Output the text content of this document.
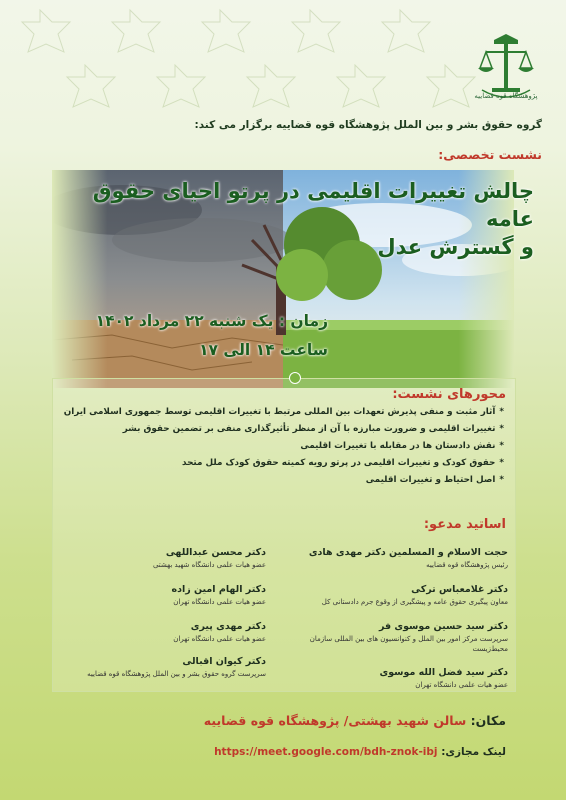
پژوهشگاه قوه قضاییه
گروه حقوق بشر و بین الملل پژوهشگاه قوه قضاییه برگزار می کند:
نشست تخصصی:
چالش تغییرات اقلیمی در پرتو احیای حقوق عامه
و گسترش عدل
زمان : یک شنبه ۲۲ مرداد ۱۴۰۲
ساعت ۱۴ الی ۱۷
محورهای نشست:
*آثار مثبت و منفی پذیرش تعهدات بین المللی مرتبط با تغییرات اقلیمی توسط جمهوری اسلامی ایران
*تغییرات اقلیمی و ضرورت مبارزه با آن از منظر تأثیرگذاری منفی بر تضمین حقوق بشر
*نقش دادستان ها در مقابله با تغییرات اقلیمی
*حقوق کودک و تغییرات اقلیمی در پرتو رویه کمیته حقوق کودک ملل متحد
*اصل احتیاط و تغییرات اقلیمی
اساتید مدعو:
حجت الاسلام و المسلمین دکتر مهدی هادی
رئیس پژوهشگاه قوه قضاییه
دکتر غلامعباس ترکی
معاون پیگیری حقوق عامه و پیشگیری از وقوع جرم دادستانی کل
دکتر سید حسین موسوی فر
سرپرست مرکز امور بین الملل و کنوانسیون های بین المللی سازمان محیط‌زیست
دکتر سید فضل الله موسوی
عضو هیات علمی دانشگاه تهران
دکتر محسن عبداللهی
عضو هیات علمی دانشگاه شهید بهشتی
دکتر الهام امین زاده
عضو هیات علمی دانشگاه تهران
دکتر مهدی پیری
عضو هیات علمی دانشگاه تهران
دکتر کیوان اقبالی
سرپرست گروه حقوق بشر و بین الملل پژوهشگاه قوه قضاییه
مکان: سالن شهید بهشتی/ پژوهشگاه قوه قضاییه
لینک مجازی: https://meet.google.com/bdh-znok-ibj
